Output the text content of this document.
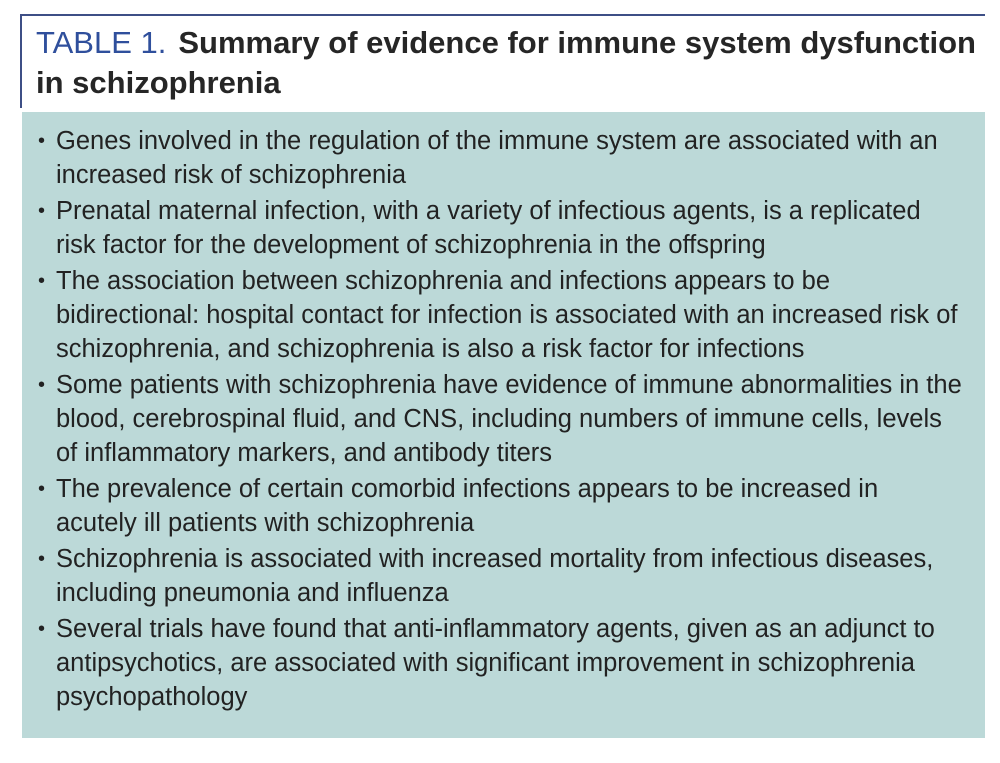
TABLE 1. Summary of evidence for immune system dysfunction in schizophrenia
• Genes involved in the regulation of the immune system are associated with an increased risk of schizophrenia
• Prenatal maternal infection, with a variety of infectious agents, is a replicated risk factor for the development of schizophrenia in the offspring
• The association between schizophrenia and infections appears to be bidirectional: hospital contact for infection is associated with an increased risk of schizophrenia, and schizophrenia is also a risk factor for infections
• Some patients with schizophrenia have evidence of immune abnormalities in the blood, cerebrospinal fluid, and CNS, including numbers of immune cells, levels of inflammatory markers, and antibody titers
• The prevalence of certain comorbid infections appears to be increased in acutely ill patients with schizophrenia
• Schizophrenia is associated with increased mortality from infectious diseases, including pneumonia and influenza
• Several trials have found that anti-inflammatory agents, given as an adjunct to antipsychotics, are associated with significant improvement in schizophrenia psychopathology
